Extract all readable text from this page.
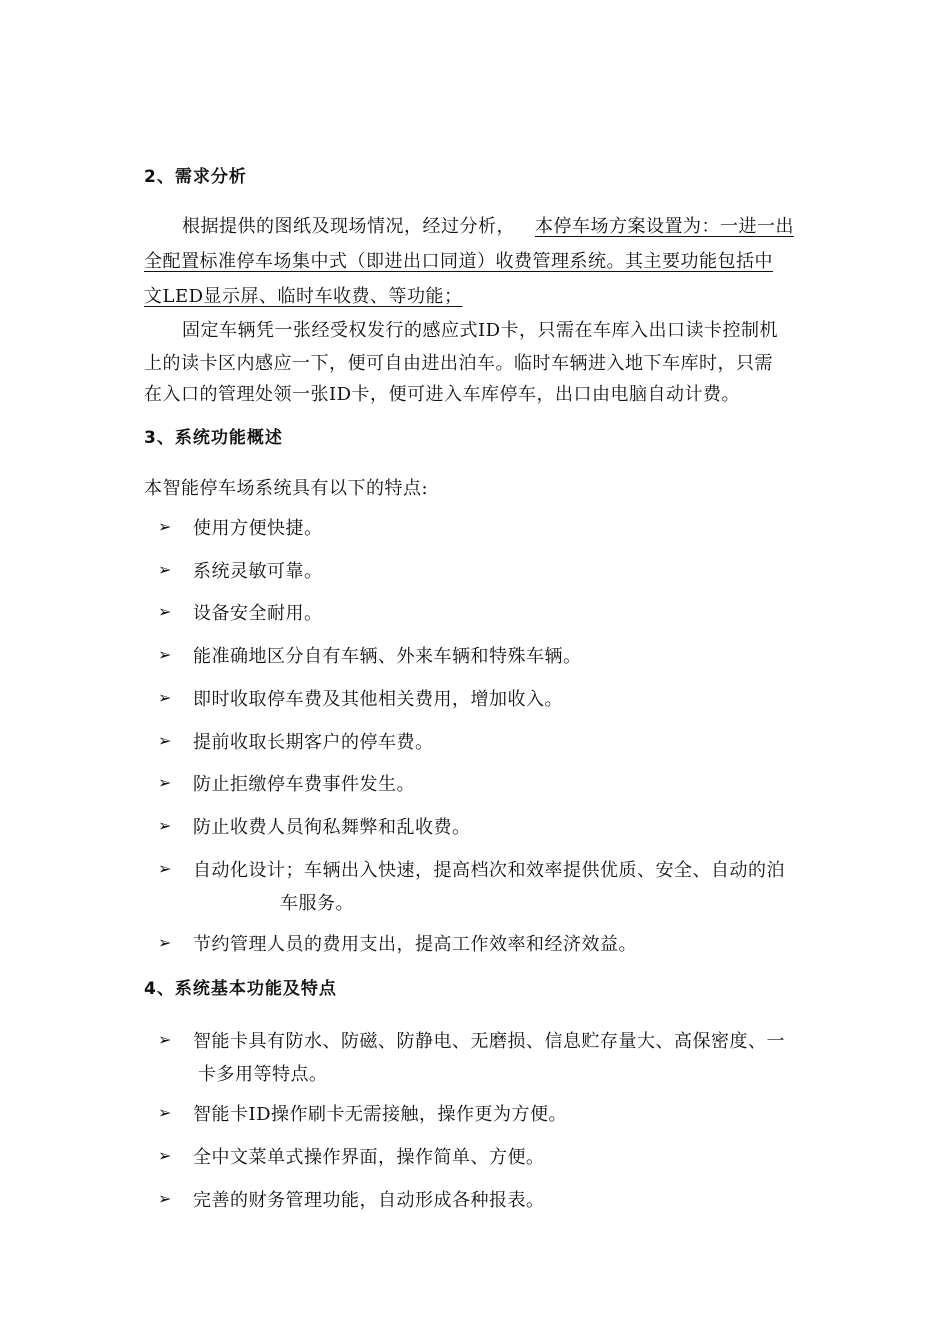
2、需求分析
根据提供的图纸及现场情况，经过分析， 本停车场方案设置为：一进一出
全配置标准停车场集中式（即进出口同道）收费管理系统。其主要功能包括中
文LED显示屏、临时车收费、等功能；
固定车辆凭一张经受权发行的感应式ID卡，只需在车库入出口读卡控制机
上的读卡区内感应一下，便可自由进出泊车。临时车辆进入地下车库时，只需
在入口的管理处领一张ID卡，便可进入车库停车，出口由电脑自动计费。
3、系统功能概述
本智能停车场系统具有以下的特点:
➢ 使用方便快捷。
➢ 系统灵敏可靠。
➢ 设备安全耐用。
➢ 能准确地区分自有车辆、外来车辆和特殊车辆。
➢ 即时收取停车费及其他相关费用，增加收入。
➢ 提前收取长期客户的停车费。
➢ 防止拒缴停车费事件发生。
➢ 防止收费人员徇私舞弊和乱收费。
➢ 自动化设计；车辆出入快速，提高档次和效率提供优质、安全、自动的泊
车服务。
➢ 节约管理人员的费用支出，提高工作效率和经济效益。
4、系统基本功能及特点
➢ 智能卡具有防水、防磁、防静电、无磨损、信息贮存量大、高保密度、一
卡多用等特点。
➢ 智能卡ID操作刷卡无需接触，操作更为方便。
➢ 全中文菜单式操作界面，操作简单、方便。
➢ 完善的财务管理功能，自动形成各种报表。
